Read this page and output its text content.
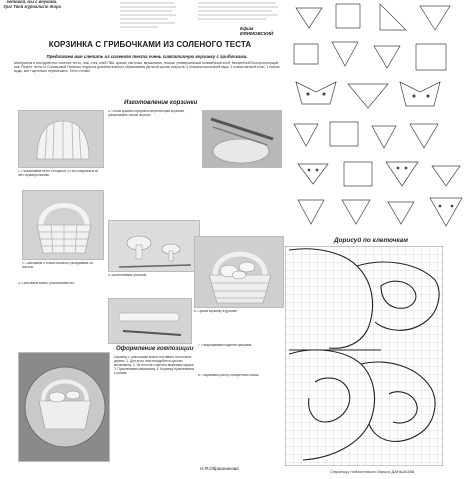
готовой, мы с внуками. Ура! Твой журналист Жора
Ефим ЕФИМОВСКИЙ
КОРЗИНКА С ГРИБОЧКАМИ ИЗ СОЛЕНОГО ТЕСТА
Предлагаем вам слепить из соленого теста очень симпатичную корзинку с грибочками.
Материалы и инструменты: соленое тесто, нож, стек, клей ПВА, краски, кисточки, мешковина, тесьма, универсальный полимерный клей, бесцветный быстросохнущий лак. Рецепт теста от Соловьевой Натальи, педагога дополнительного образования Детской школы искусств: 2 стакана пшеничной муки, 1 стакан мелкой соли, 1 стакан воды, все тщательно перемешать. Тесто готово!
Изготовление корзинки
1. Раскатываем тесто толщиной 0,3 см и вырезаем из него прямоугольники.
4. Чтобы красиво оформить верхний край корзинки, раскатываем тонкие жгутики.
2. Скатываем 4 тонких валика и укладываем на полосы.
5. Вылепливаем грибочки.
6. Сушим корзинку в духовке.
3. Скатываем валик, раскатываем его.
Оформление композиции
Корзинку с грибочками можно поставить на плоское дерево. 1. Для этого нам понадобится кусочек мешковины. 2. Из плотного картона вырезаем кружок. 3. Приклеиваем мешковину. 4. Корзинку приклеиваем к основе.
7. Раскрашиваем изделие красками.
8. Покрываем работу бесцветным лаком.
Н.Я.Обрашникова
Дорисуй по клеточкам
Страницу подготовила Лариса ДАНЬШОВА
